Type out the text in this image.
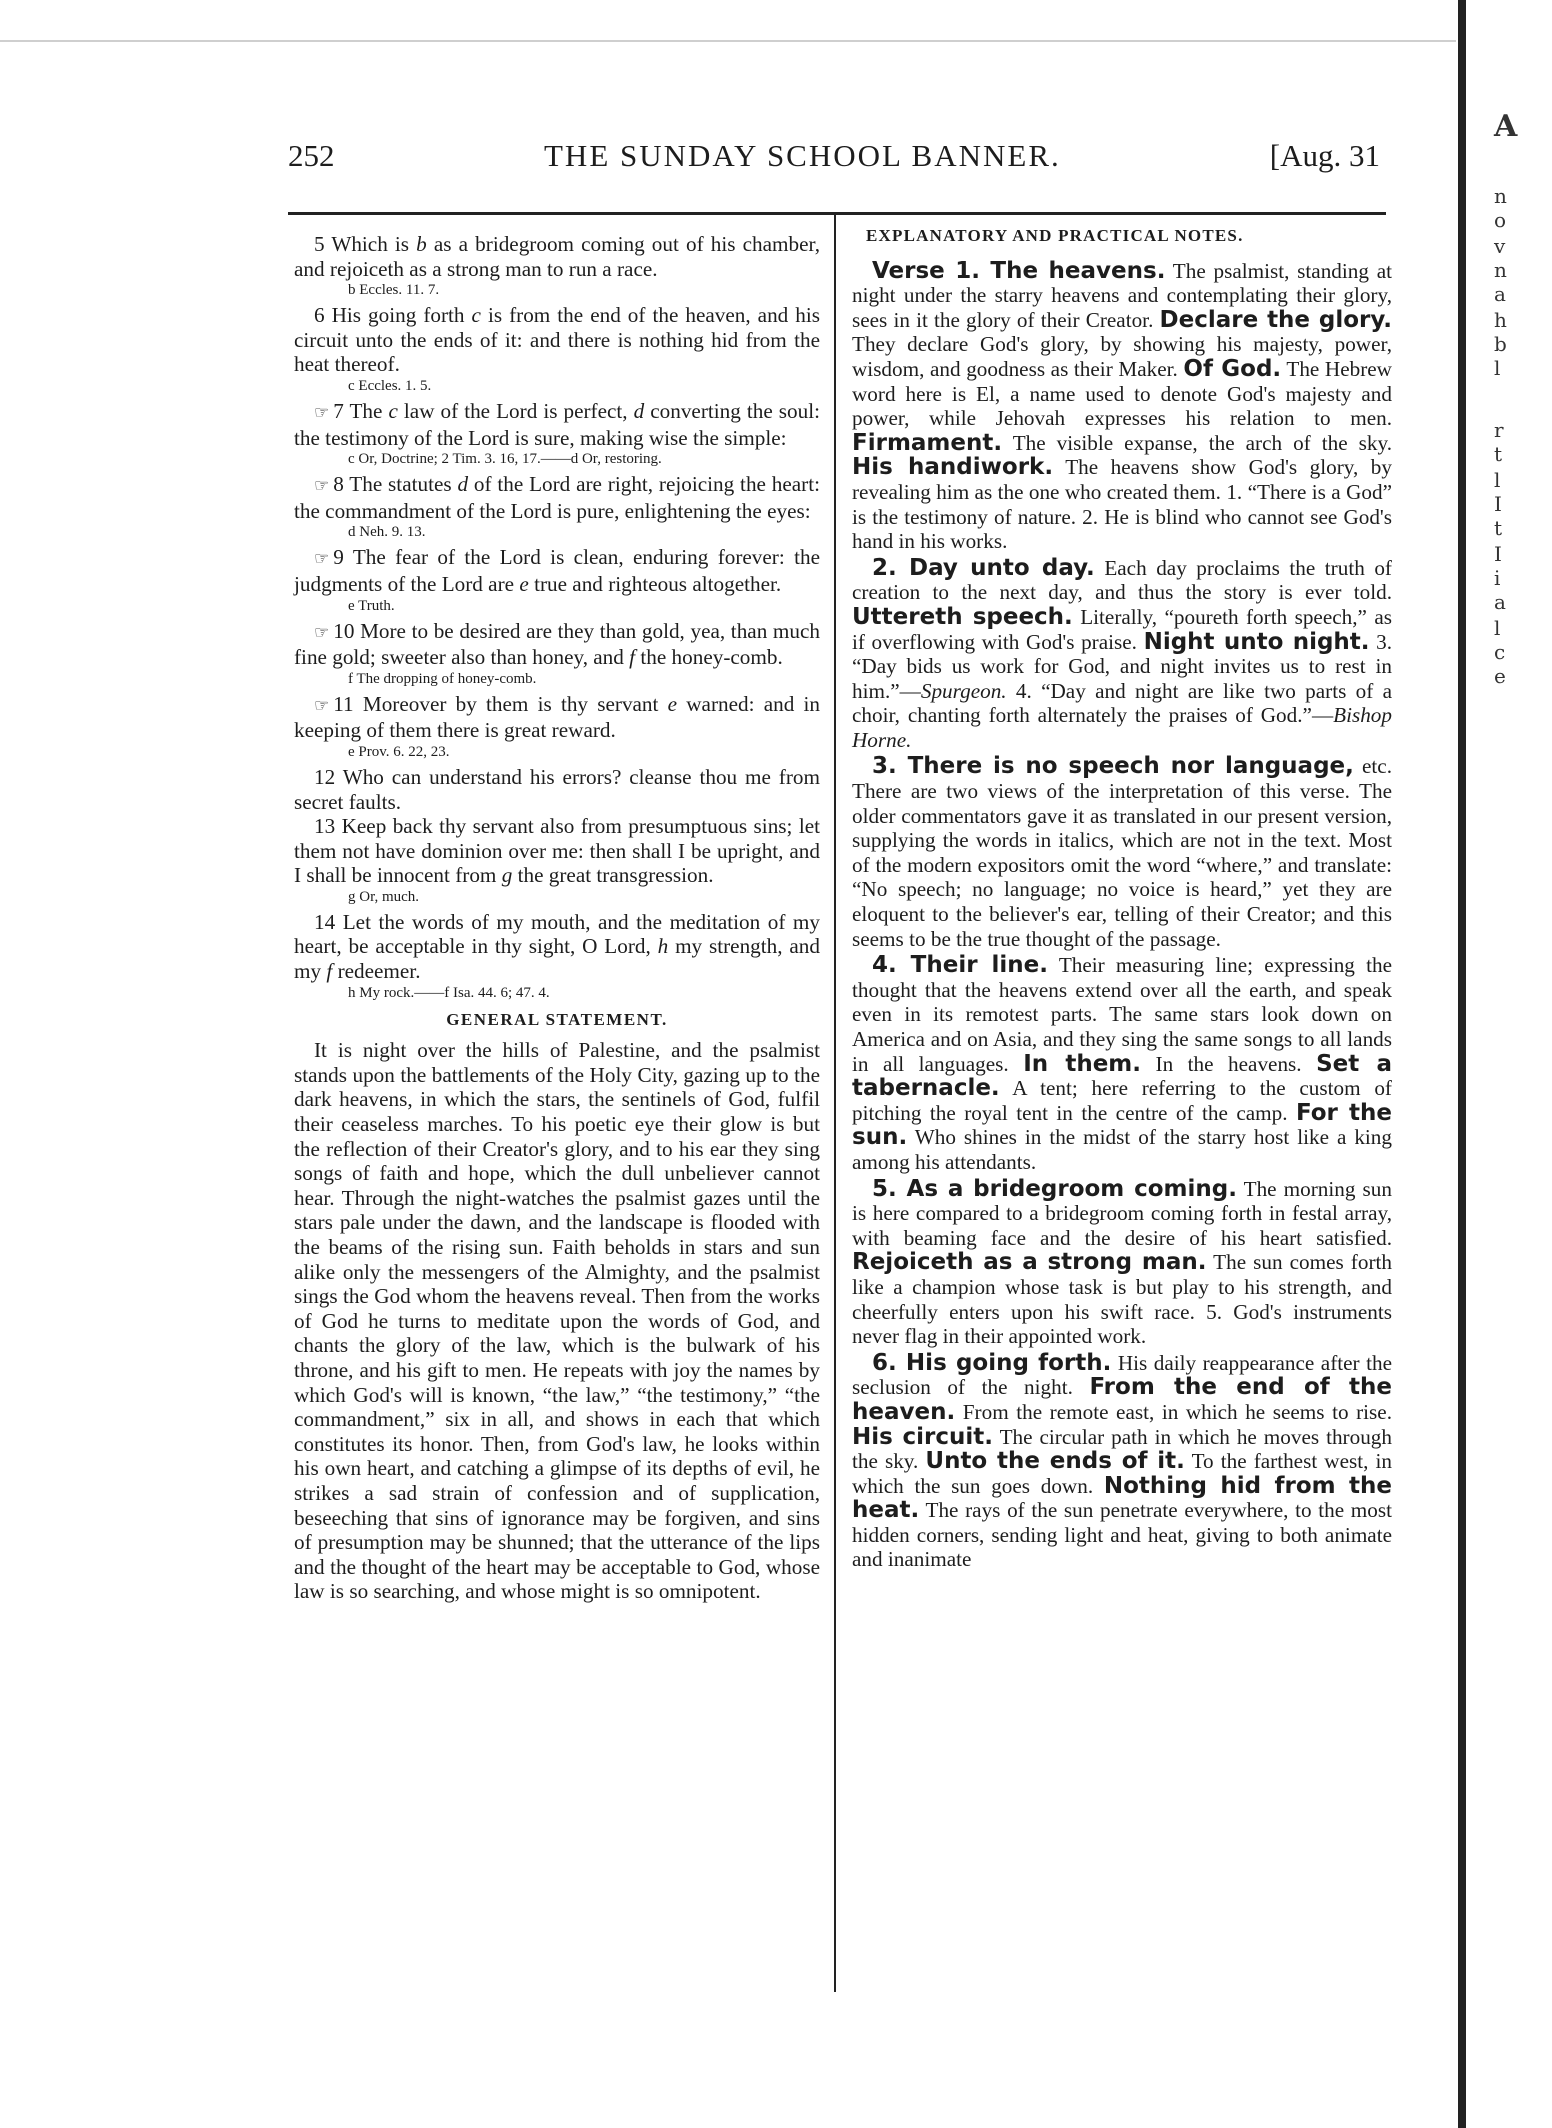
252	THE SUNDAY SCHOOL BANNER.	[Aug. 31

5 Which is b as a bridegroom coming out of his chamber, and rejoiceth as a strong man to run a race.

b Eccles. 11. 7.

6 His going forth c is from the end of the heaven, and his circuit unto the ends of it: and there is nothing hid from the heat thereof.

c Eccles. 1. 5.

☞ 7 The c law of the Lord is perfect, d converting the soul: the testimony of the Lord is sure, making wise the simple:

c Or, Doctrine; 2 Tim. 3. 16, 17.——d Or, restoring.

☞ 8 The statutes d of the Lord are right, rejoicing the heart: the commandment of the Lord is pure, enlightening the eyes:

d Neh. 9. 13.

☞ 9 The fear of the Lord is clean, enduring forever: the judgments of the Lord are e true and righteous altogether.

e Truth.

☞ 10 More to be desired are they than gold, yea, than much fine gold; sweeter also than honey, and f the honey-comb.

f The dropping of honey-comb.

☞ 11 Moreover by them is thy servant e warned: and in keeping of them there is great reward.

e Prov. 6. 22, 23.

12 Who can understand his errors? cleanse thou me from secret faults.

13 Keep back thy servant also from presumptuous sins; let them not have dominion over me: then shall I be upright, and I shall be innocent from g the great transgression.

g Or, much.

14 Let the words of my mouth, and the meditation of my heart, be acceptable in thy sight, O Lord, h my strength, and my f redeemer.

h My rock.——f Isa. 44. 6; 47. 4.

GENERAL STATEMENT.

It is night over the hills of Palestine, and the psalmist stands upon the battlements of the Holy City, gazing up to the dark heavens, in which the stars, the sentinels of God, fulfil their ceaseless marches. To his poetic eye their glow is but the reflection of their Creator's glory, and to his ear they sing songs of faith and hope, which the dull unbeliever cannot hear. Through the night-watches the psalmist gazes until the stars pale under the dawn, and the landscape is flooded with the beams of the rising sun. Faith beholds in stars and sun alike only the messengers of the Almighty, and the psalmist sings the God whom the heavens reveal. Then from the works of God he turns to meditate upon the words of God, and chants the glory of the law, which is the bulwark of his throne, and his gift to men. He repeats with joy the names by which God's will is known, “the law,” “the testimony,” “the commandment,” six in all, and shows in each that which constitutes its honor. Then, from God's law, he looks within his own heart, and catching a glimpse of its depths of evil, he strikes a sad strain of confession and of supplication, beseeching that sins of ignorance may be forgiven, and sins of presumption may be shunned; that the utterance of the lips and the thought of the heart may be acceptable to God, whose law is so searching, and whose might is so omnipotent.

EXPLANATORY AND PRACTICAL NOTES.

Verse 1. The heavens. The psalmist, standing at night under the starry heavens and contemplating their glory, sees in it the glory of their Creator. Declare the glory. They declare God's glory, by showing his majesty, power, wisdom, and goodness as their Maker. Of God. The Hebrew word here is El, a name used to denote God's majesty and power, while Jehovah expresses his relation to men. Firmament. The visible expanse, the arch of the sky. His handiwork. The heavens show God's glory, by revealing him as the one who created them. 1. “There is a God” is the testimony of nature. 2. He is blind who cannot see God's hand in his works.

2. Day unto day. Each day proclaims the truth of creation to the next day, and thus the story is ever told. Uttereth speech. Literally, “poureth forth speech,” as if overflowing with God's praise. Night unto night. 3. “Day bids us work for God, and night invites us to rest in him.”—Spurgeon. 4. “Day and night are like two parts of a choir, chanting forth alternately the praises of God.”—Bishop Horne.

3. There is no speech nor language, etc. There are two views of the interpretation of this verse. The older commentators gave it as translated in our present version, supplying the words in italics, which are not in the text. Most of the modern expositors omit the word “where,” and translate: “No speech; no language; no voice is heard,” yet they are eloquent to the believer's ear, telling of their Creator; and this seems to be the true thought of the passage.

4. Their line. Their measuring line; expressing the thought that the heavens extend over all the earth, and speak even in its remotest parts. The same stars look down on America and on Asia, and they sing the same songs to all lands in all languages. In them. In the heavens. Set a tabernacle. A tent; here referring to the custom of pitching the royal tent in the centre of the camp. For the sun. Who shines in the midst of the starry host like a king among his attendants.

5. As a bridegroom coming. The morning sun is here compared to a bridegroom coming forth in festal array, with beaming face and the desire of his heart satisfied. Rejoiceth as a strong man. The sun comes forth like a champion whose task is but play to his strength, and cheerfully enters upon his swift race. 5. God's instruments never flag in their appointed work.

6. His going forth. His daily reappearance after the seclusion of the night. From the end of the heaven. From the remote east, in which he seems to rise. His circuit. The circular path in which he moves through the sky. Unto the ends of it. To the farthest west, in which the sun goes down. Nothing hid from the heat. The rays of the sun penetrate everywhere, to the most hidden corners, sending light and heat, giving to both animate and inanimate

A
n
o
v
n
a
h
b
l
r
t
l
I
t
I
i
a
l
c
e
